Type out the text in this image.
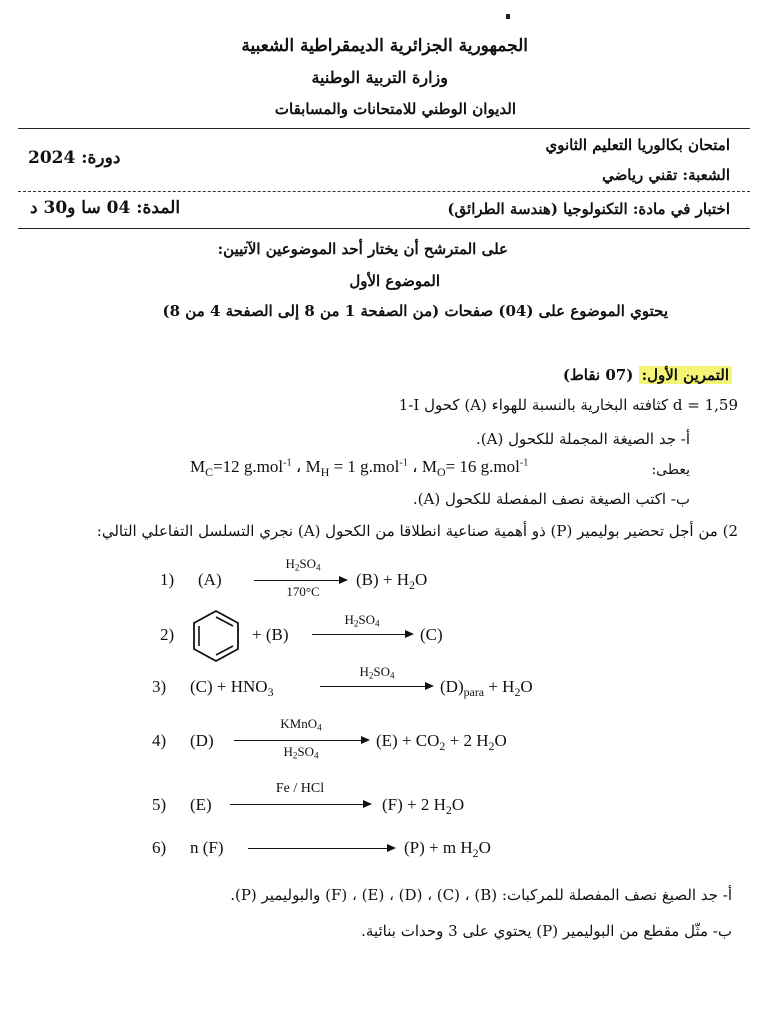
الجمهورية الجزائرية الديمقراطية الشعبية
وزارة التربية الوطنية
الديوان الوطني للامتحانات والمسابقات
امتحان بكالوريا التعليم الثانوي
دورة: 2024
الشعبة: تقني رياضي
اختبار في مادة: التكنولوجيا (هندسة الطرائق)
المدة: 04 سا و30 د
على المترشح أن يختار أحد الموضوعين الآتيين:
الموضوع الأول
يحتوي الموضوع على (04) صفحات (من الصفحة 1 من 8 إلى الصفحة 4 من 8)
التمرين الأول: (07 نقاط)
1-I كحول (A) كثافته البخارية بالنسبة للهواء d = 1,59
أ- جد الصيغة المجملة للكحول (A).
يعطى:
$M_C=12$ g.mol$^{-1}$ ، $M_H = 1$ g.mol$^{-1}$ ، $M_O= 16$ g.mol$^{-1}$
ب- اكتب الصيغة نصف المفصلة للكحول (A).
2) من أجل تحضير بوليمير (P) ذو أهمية صناعية انطلاقا من الكحول (A) نجري التسلسل التفاعلي التالي:
1) (A)
$H_2SO_4$
170°C
$(B) + H_2O$
2)	+ (B)
$H_2SO_4$
(C)
3) $(C) + HNO_3$
$H_2SO_4$
$(D)_{para} + H_2O$
4) (D)
KMnO$_4$
$H_2SO_4$
$(E) + CO_2 + 2$ $H_2O$
5) (E)
Fe / HCl
(F) + 2 $H_2O$
6) n (F)	(P) + m $H_2O$
أ- جد الصيغ نصف المفصلة للمركبات: (B) ، (C) ، (D) ، (E) ، (F) والبوليمير (P).
ب- مثّل مقطع من البوليمير (P) يحتوي على 3 وحدات بنائية.
